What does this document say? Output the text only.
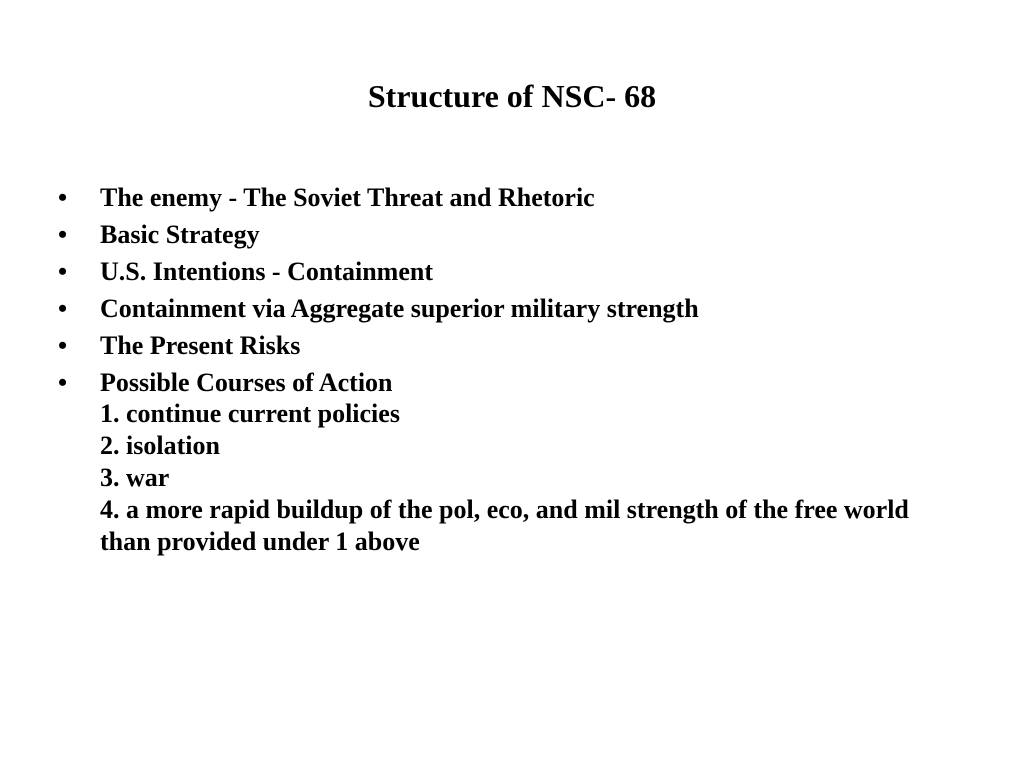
Structure of NSC- 68
•	The enemy - The Soviet Threat and Rhetoric
•	Basic Strategy
•	U.S. Intentions - Containment
•	Containment via Aggregate superior military strength
•	The Present Risks
•	Possible Courses of Action
1. continue current policies
2. isolation
3. war
4. a more rapid buildup of the pol, eco, and mil strength of the free world than provided under 1 above
